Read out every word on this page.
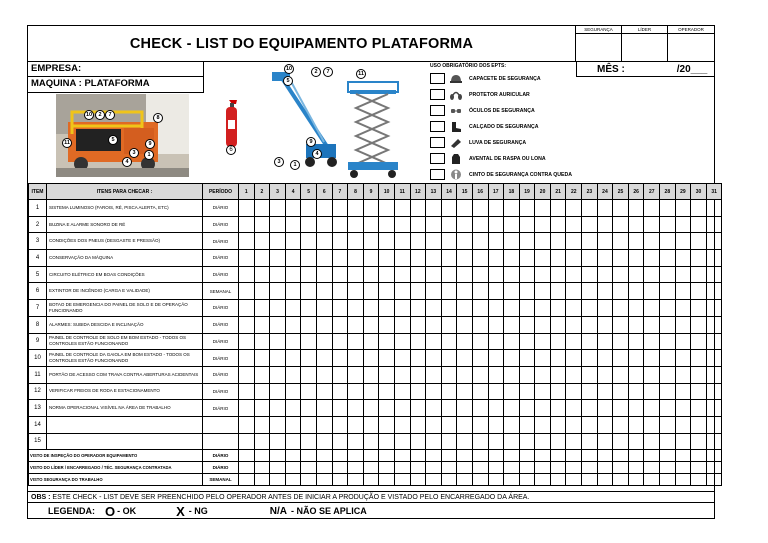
CHECK - LIST DO EQUIPAMENTO PLATAFORMA
SEGURANÇA	LÍDER	OPERADOR
EMPRESA:
MAQUINA : PLATAFORMA
MÊS :	/20___
6
USO OBRIGATÓRIO DOS EPTS:
CAPACETE DE SEGURANÇA
PROTETOR AURICULAR
ÓCULOS DE SEGURANÇA
CALÇADO DE SEGURANÇA
LUVA DE SEGURANÇA
AVENTAL DE RASPA OU LONA
CINTO DE SEGURANÇA CONTRA QUEDA
ITEM	ITENS PARA CHECAR :	PERÍODO	1	2	3	4	5	6	7	8	9	10	11	12	13	14	15	16	17	18	19	20	21	22	23	24	25	26	27	28	29	30	31
1	SISTEMA LUMINOSO (FAROIS, RÉ, PISCA ALERTA, ETC)	DIÁRIO																															
2	BUZINA E ALARME SONORO DE RÉ	DIÁRIO																															
3	CONDIÇÕES DOS PNEUS (DESGASTE E PRESSÃO)	DIÁRIO																															
4	CONSERVAÇÃO DA MÁQUINA	DIÁRIO																															
5	CIRCUITO ELÉTRICO EM BOAS CONDIÇÕES	DIÁRIO																															
6	EXTINTOR DE INCÊNDIO (CARGA E VALIDADE)	SEMANAL																															
7	BOTAO DE EMERGENCIA DO PAINEL DE SOLO E DE OPERAÇÃO FUNCIONANDO	DIÁRIO																															
8	ALARMES: SUBIDA DESCIDA E INCLINAÇÃO	DIÁRIO																															
9	PAINEL DE CONTROLE DE SOLO EM BOM ESTADO - TODOS OS CONTROLES ESTÃO FUNCIONANDO	DIÁRIO																															
10	PAINEL DE CONTROLE DA GAIOLA EM BOM ESTADO - TODOS OS CONTROLES ESTÃO FUNCIONANDO	DIÁRIO																															
11	PORTÃO DE ACESSO COM TRAVA CONTRA ABERTURAS ACIDENTAIS	DIÁRIO																															
12	VERIFICAR FREIOS DE RODA E ESTACIONAMENTO	DIÁRIO																															
13	NORMA OPERACIONAL VISÍVEL NA ÁREA DE TRABALHO	DIÁRIO																															
14																																	
15																																	
VISTO DE INSPEÇÃO DO OPERADOR EQUIPAMENTO		DIÁRIO																															
VISTO DO LÍDER / ENCARREGADO / TÉC. SEGURANÇA CONTRATADA		DIÁRIO																															
VISTO SEGURANÇA DO TRABALHO		SEMANAL																															
OBS : ESTE CHECK - LIST DEVE SER PREENCHIDO PELO OPERADOR ANTES DE INICIAR A PRODUÇÃO E VISTADO PELO ENCARREGADO DA ÁREA.
LEGENDA: O - OK	X - NG	N/A - NÃO SE APLICA
10	2	7	8
11
1
3
9
4
5
10	2	7	11
5
9
4
3	1
